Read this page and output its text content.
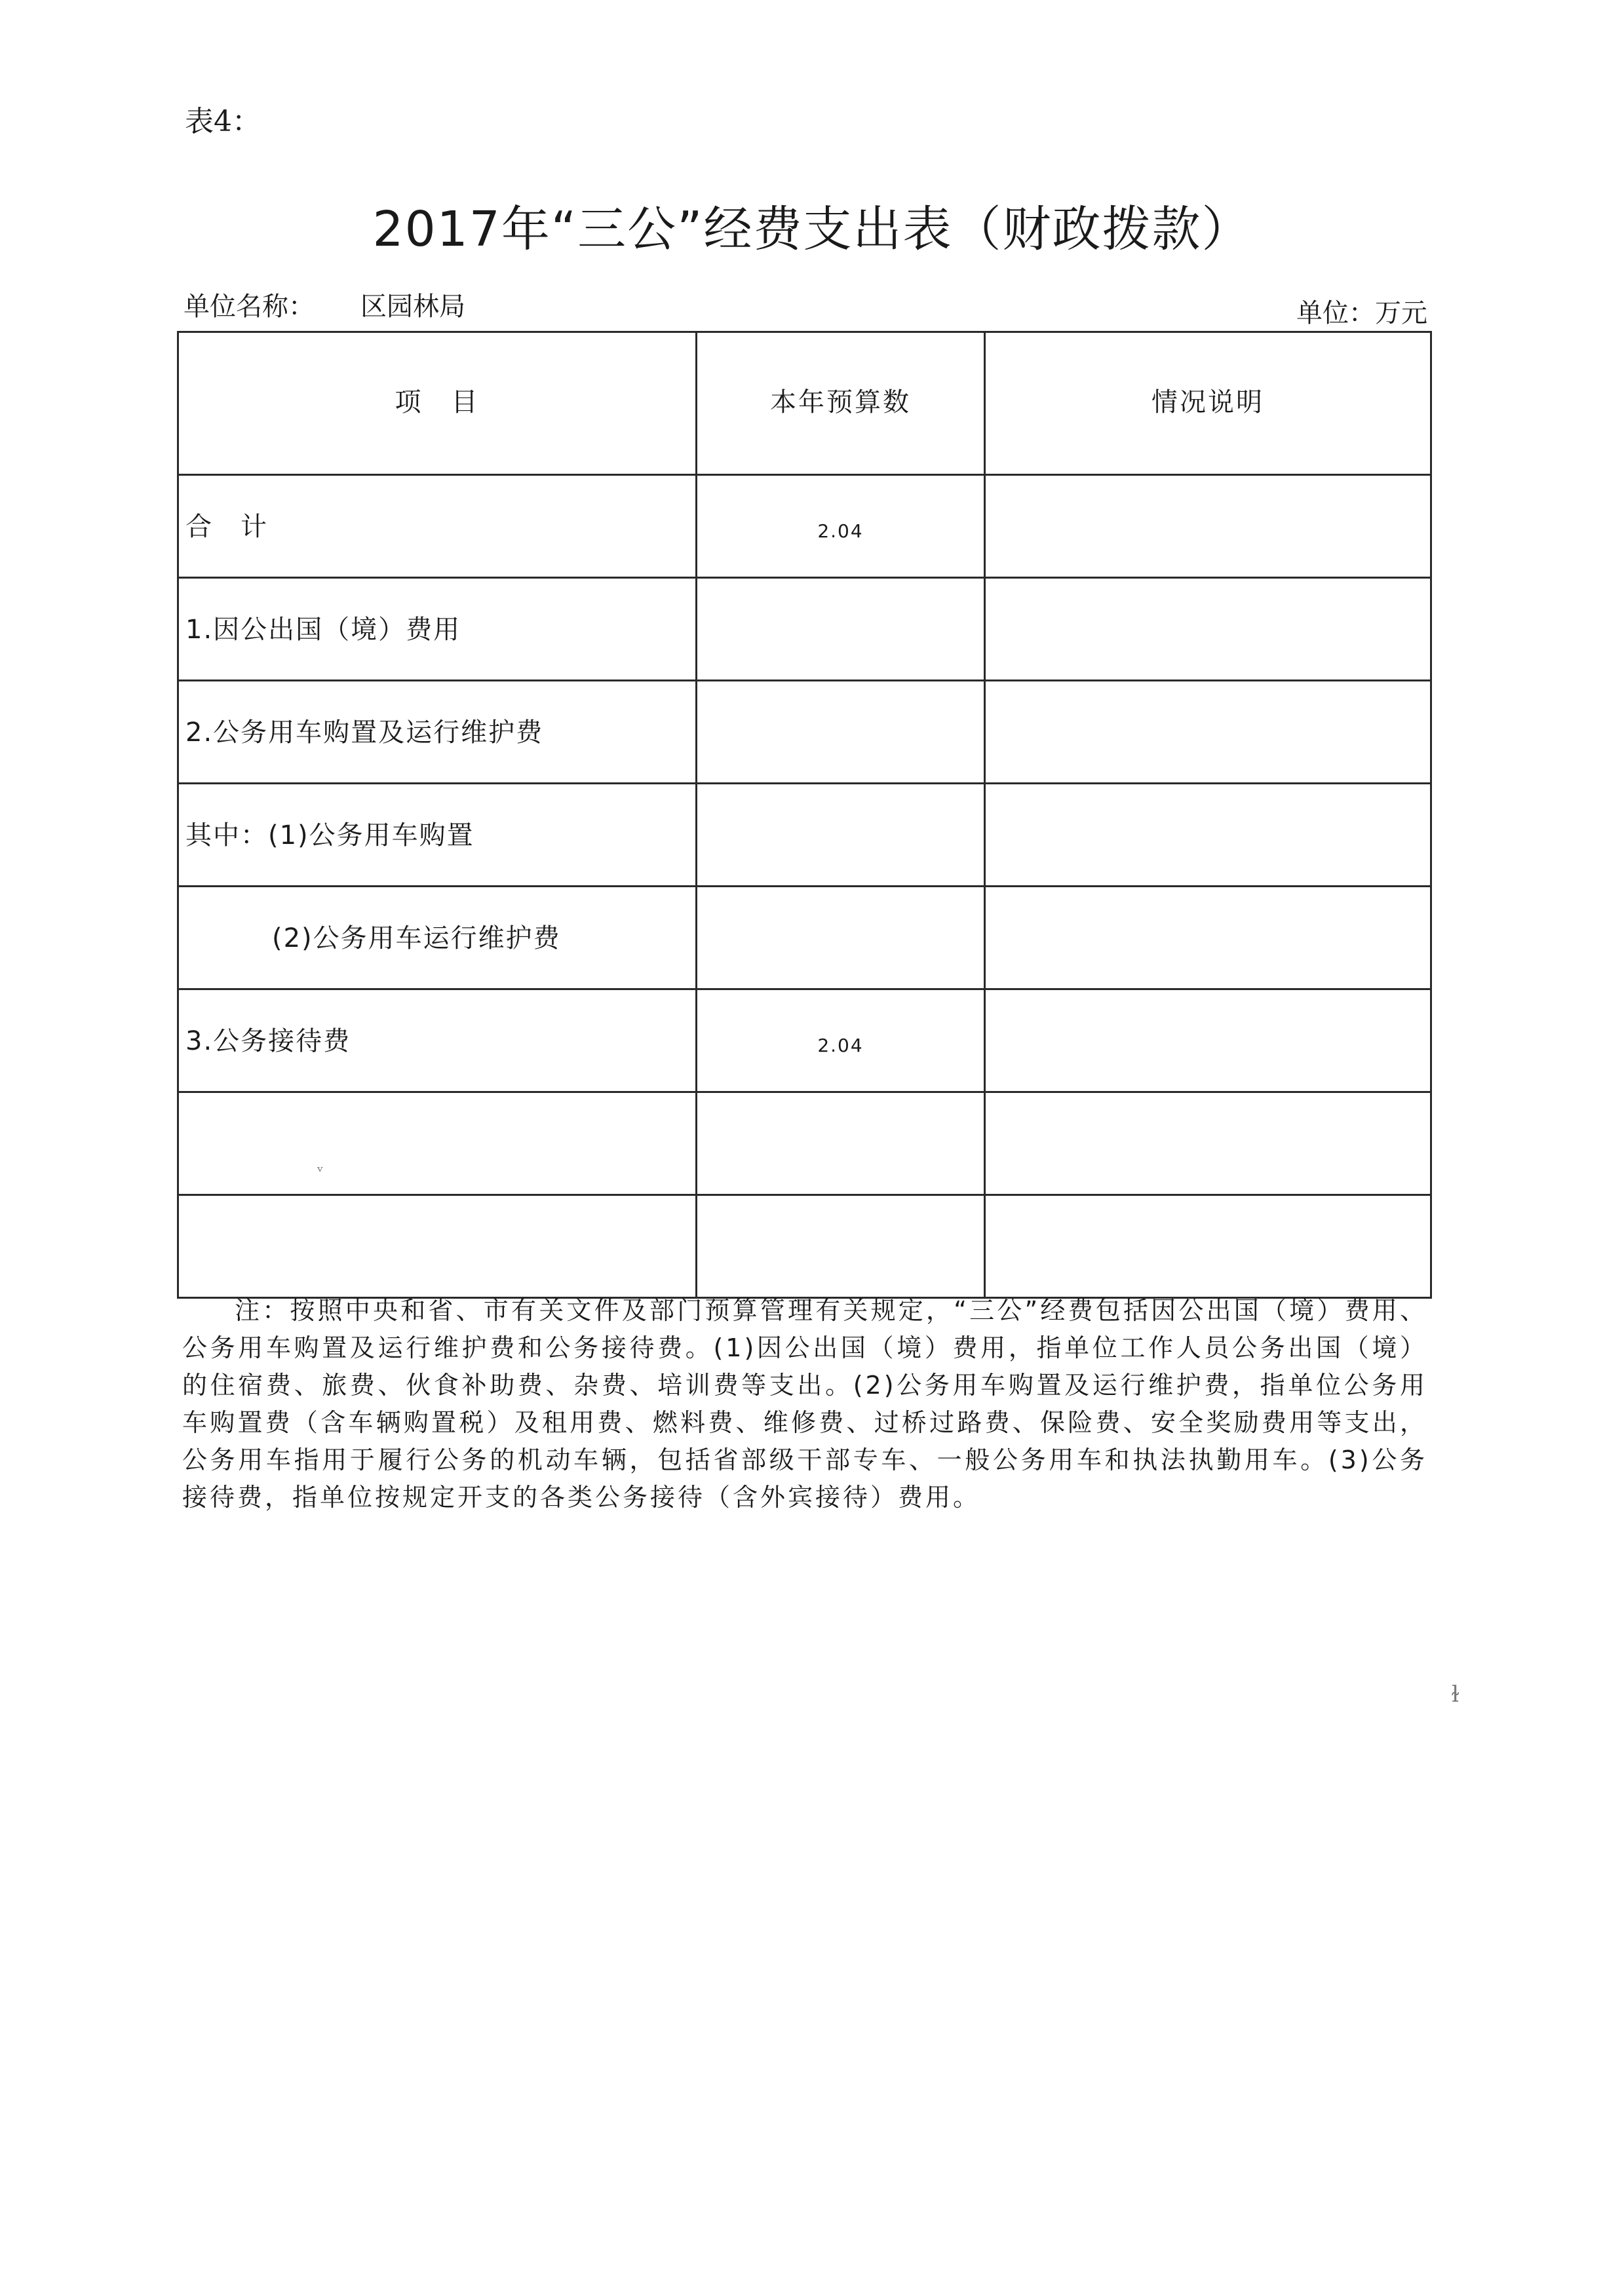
表4：
2017年“三公”经费支出表（财政拨款）
单位名称： 区园林局	单位：万元
项　目	本年预算数	情况说明
合　计	2.04	
1.因公出国（境）费用		
2.公务用车购置及运行维护费		
其中：(1)公务用车购置		
(2)公务用车运行维护费		
3.公务接待费	2.04	

注：按照中央和省、市有关文件及部门预算管理有关规定，“三公”经费包括因公出国（境）费用、公务用车购置及运行维护费和公务接待费。(1)因公出国（境）费用，指单位工作人员公务出国（境）的住宿费、旅费、伙食补助费、杂费、培训费等支出。(2)公务用车购置及运行维护费，指单位公务用车购置费（含车辆购置税）及租用费、燃料费、维修费、过桥过路费、保险费、安全奖励费用等支出，公务用车指用于履行公务的机动车辆，包括省部级干部专车、一般公务用车和执法执勤用车。(3)公务接待费，指单位按规定开支的各类公务接待（含外宾接待）费用。
ᵥ
ɫ
